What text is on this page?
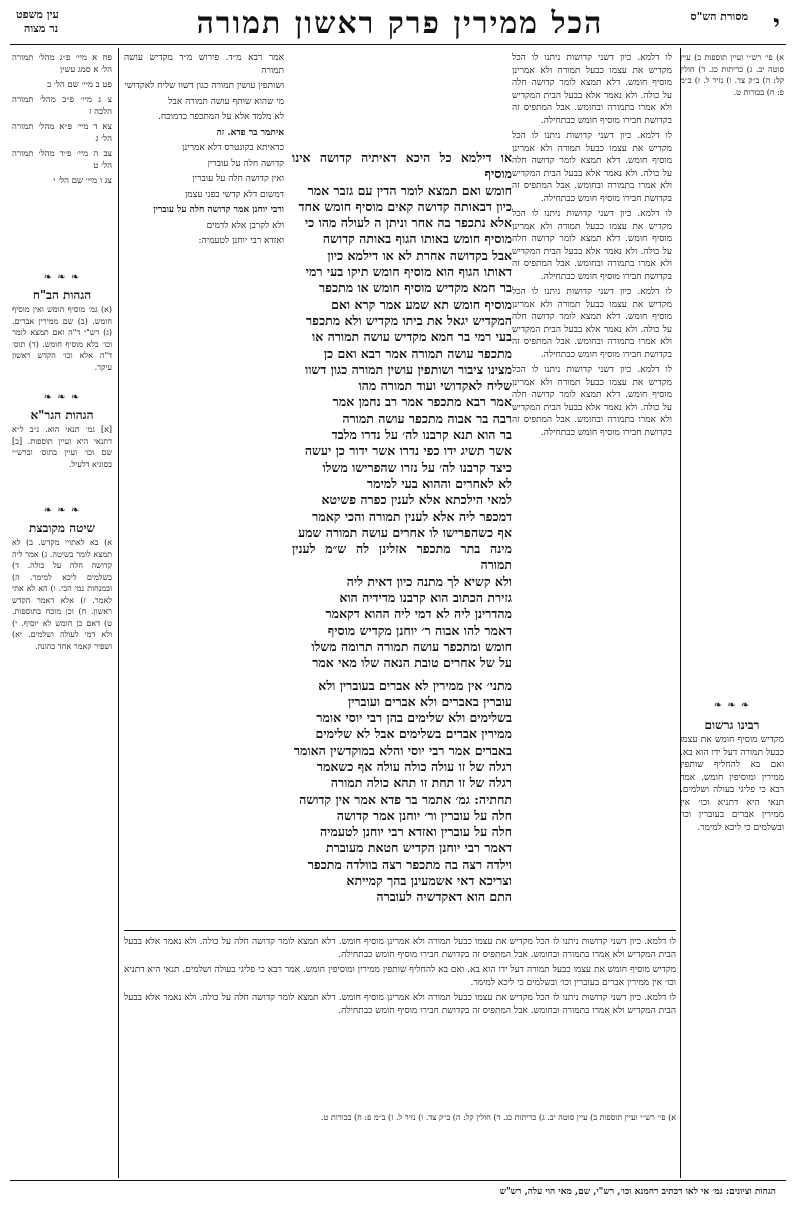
י
הכל ממירין פרק ראשון תמורה
עין משפט
נר מצוה
מסורת הש"ס

פח א מיי׳ פ״ג מהל׳ תמורה הל׳ א סמג עשין

פט ב מיי׳ שם הל׳ ב

צ ג מיי׳ פ״ב מהל׳ תמורה הלכה ז

צא ד מיי׳ פ״א מהל׳ תמורה הל׳ ג

צב ה מיי׳ פ״ד מהל׳ תמורה הל׳ ט

צג ו מיי׳ שם הל׳ י

❧ ❧ ❧
הגהות הב"ח

(א) גמ׳ מוסיף חומש ואין מוסיף חומש. (ב) שם ממירין אברים. (ג) רש"י ד"ה ואם תמצא לומר וכו׳ בלא מוסיף חומש. (ד) תוס׳ ד"ה אלא וכו׳ הקדש ראשון עיקר.

❧ ❧ ❧
הגהות הגר"א

[א] גמ׳ תנאי הוא. נ״ב ל״א דתנאי היא ועיין תוספות. [ב] שם וכו׳ ועיין בתוס׳ וברש״י בסוגיא דלעיל.

❧ ❧ ❧
שיטה מקובצת

א) בא לאתויי מקדש. ב) לא תמצא לומר בשיטה. ג) אמר ליה קדושה חלה על כולה. ד) בשלמים ליכא למימר. ה) ובמנחות נמי הכי. ו) הא לא אתי לאמר. ז) אלא דאמר הקדש ראשון. ח) וכן מוכח בתוספות. ט) דאם כן חומש לא יוסיף. י) ולא דמי לעולה ושלמים. יא) ושפיר קאמר אחד כהונה.

א) פי׳ רש״י ועיין תוספות ב) עיין סוטה יב. ג) כריתות כג. ד) חולין קל: ה) ב״ק צד. ו) נזיר ל. ז) ב״מ פ: ח) בכורות ט.

❧ ❧ ❧
רבינו גרשום

מקדיש מוסיף חומש את עצמו כבעל תמורה דעל ידו הוא בא. ואם בא להחליף שותפין ממירין ומוסיפין חומש. אמר רבא כי פליגי בעולה ושלמים. תנאי היא דתניא וכו׳ אין ממירין אברים בעוברין וכו׳ ובשלמים כי ליכא למימר.

לו דלמא. כיון דשני קדושות ניתנו לו הכל מקדיש את עצמו כבעל תמורה ולא אמרינן מוסיף חומש. דלא תמצא לומר קדושה חלה על כולה. ולא נאמר אלא בבעל הבית המקדיש ולא אמרו בתמורה ובחומש. אבל המתפיס זה בקדושת חבירו מוסיף חומש כבתחילה.

לו דלמא. כיון דשני קדושות ניתנו לו הכל מקדיש את עצמו כבעל תמורה ולא אמרינן מוסיף חומש. דלא תמצא לומר קדושה חלה על כולה. ולא נאמר אלא בבעל הבית המקדיש ולא אמרו בתמורה ובחומש. אבל המתפיס זה בקדושת חבירו מוסיף חומש כבתחילה.

לו דלמא. כיון דשני קדושות ניתנו לו הכל מקדיש את עצמו כבעל תמורה ולא אמרינן מוסיף חומש. דלא תמצא לומר קדושה חלה על כולה. ולא נאמר אלא בבעל הבית המקדיש ולא אמרו בתמורה ובחומש. אבל המתפיס זה בקדושת חבירו מוסיף חומש כבתחילה.

לו דלמא. כיון דשני קדושות ניתנו לו הכל מקדיש את עצמו כבעל תמורה ולא אמרינן מוסיף חומש. דלא תמצא לומר קדושה חלה על כולה. ולא נאמר אלא בבעל הבית המקדיש ולא אמרו בתמורה ובחומש. אבל המתפיס זה בקדושת חבירו מוסיף חומש כבתחילה.

לו דלמא. כיון דשני קדושות ניתנו לו הכל מקדיש את עצמו כבעל תמורה ולא אמרינן מוסיף חומש. דלא תמצא לומר קדושה חלה על כולה. ולא נאמר אלא בבעל הבית המקדיש ולא אמרו בתמורה ובחומש. אבל המתפיס זה בקדושת חבירו מוסיף חומש כבתחילה.

אמר רבא מ״ד. פירוש מ״ד מקדיש עושה תמורה

ושותפין עושין תמורה כגון דשוו שליח לאקדושי

מי שהוא שותף עושה תמורה אבל

לא מלמד אלא על המתכפר כדמוכח.

איתמר בר פדא. זה

כדאיתא בקונטרס דלא אמרינן

קדושה חלה על עוברין

ואין קדושה חלה על עוברין

דמשום דלא קדשי בפני עצמן

ורבי יוחנן אמר קדושה חלה על עוברין

ולא לקרבן אלא לדמים

ואזדא רבי יוחנן לטעמיה:

או דילמא כל היכא דאיתיה קדושה אינו מוסיף
חומש ואם תמצא לומר הדין עם גזבר אמר
כיון דבאותה קדושה קאים מוסיף חומש אחד
אלא נתכפר בה אחר וניתן ה לעולה מהו כי
מוסיף חומש באותו הגוף באותה קדושה
אבל בקדושה אחרת לא או דילמא כיון
דאותו הגוף הוא מוסיף חומש תיקו בעי רמי
בר חמא מקדיש מוסיף חומש או מתכפר
מוסיף חומש תא שמע אמר קרא ואם
המקדיש יגאל את ביתו מקדיש ולא מתכפר
בעי רמי בר חמא מקדיש עושה תמורה או
מתכפר עושה תמורה אמר רבא ואם כן
מצינו ציבור ושותפין עושין תמורה כגון דשוו
שליח לאקדושי ועוד תמורה מהו
אמר רבא מתכפר אמר רב נחמן אמר
רבה בר אבוה מתכפר עושה תמורה
בר הוא תנא קרבנו לה׳ על נדרו מלבד
אשר תשיג ידו כפי נדרו אשר ידור כן יעשה
כיצד קרבנו לה׳ על נזרו שהפרישו משלו
לא לאחרים וההוא בעי למימר
למאי הילכתא אלא לענין כפרה פשיטא
דמכפר ליה אלא לענין תמורה והכי קאמר
אף כשהפרישו לו אחרים עושה תמורה שמע
מינה בתר מתכפר אזלינן לה ש״מ לענין תמורה
ולא קשיא לך מתנה כיון דאית ליה
גזירת הכתוב הוא קרבנו מדידיה הוא
מהדרינן ליה לא דמי ליה ההוא דקאמר
דאמר להו אבוה ר׳ יוחנן מקדיש מוסיף
חומש ומתכפר עושה תמורה תרומה משלו
על של אחרים טובת הנאה שלו מאי אמר
מתני׳ אין ממירין לא אברים בעוברין ולא
עוברין באברים ולא אברים ועוברין
בשלימים ולא שלימים בהן רבי יוסי אומר
ממירין אברים בשלימים אבל לא שלימים
באברים אמר רבי יוסי והלא במוקדשין האומר
רגלה של זו עולה כולה עולה אף כשאמר
רגלה של זו תחת זו תהא כולה תמורה
תחתיה: גמ׳ אתמר בר פדא אמר אין קדושה
חלה על עוברין ור׳ יוחנן אמר קדושה
חלה על עוברין ואזדא רבי יוחנן לטעמיה
דאמר רבי יוחנן הקדיש חטאת מעוברת
וילדה רצה בה מתכפר רצה בוולדה מתכפר
וצריכא דאי אשמעינן בהך קמייתא
התם הוא דאקדשיה לעוברה

לו דלמא. כיון דשני קדושות ניתנו לו הכל מקדיש את עצמו כבעל תמורה ולא אמרינן מוסיף חומש. דלא תמצא לומר קדושה חלה על כולה. ולא נאמר אלא בבעל הבית המקדיש ולא אמרו בתמורה ובחומש. אבל המתפיס זה בקדושת חבירו מוסיף חומש כבתחילה.

מקדיש מוסיף חומש את עצמו כבעל תמורה דעל ידו הוא בא. ואם בא להחליף שותפין ממירין ומוסיפין חומש. אמר רבא כי פליגי בעולה ושלמים. תנאי היא דתניא וכו׳ אין ממירין אברים בעוברין וכו׳ ובשלמים כי ליכא למימר.

לו דלמא. כיון דשני קדושות ניתנו לו הכל מקדיש את עצמו כבעל תמורה ולא אמרינן מוסיף חומש. דלא תמצא לומר קדושה חלה על כולה. ולא נאמר אלא בבעל הבית המקדיש ולא אמרו בתמורה ובחומש. אבל המתפיס זה בקדושת חבירו מוסיף חומש כבתחילה.

א) פי׳ רש״י ועיין תוספות ב) עיין סוטה יב. ג) כריתות כג. ד) חולין קל: ה) ב״ק צד. ו) נזיר ל. ז) ב״מ פ: ח) בכורות ט.

הגהות וציונים: גמ׳ אי לאו דכתיב רחמנא וכו׳, רש"י, שם, מאי הוי עלה, רש"ש
